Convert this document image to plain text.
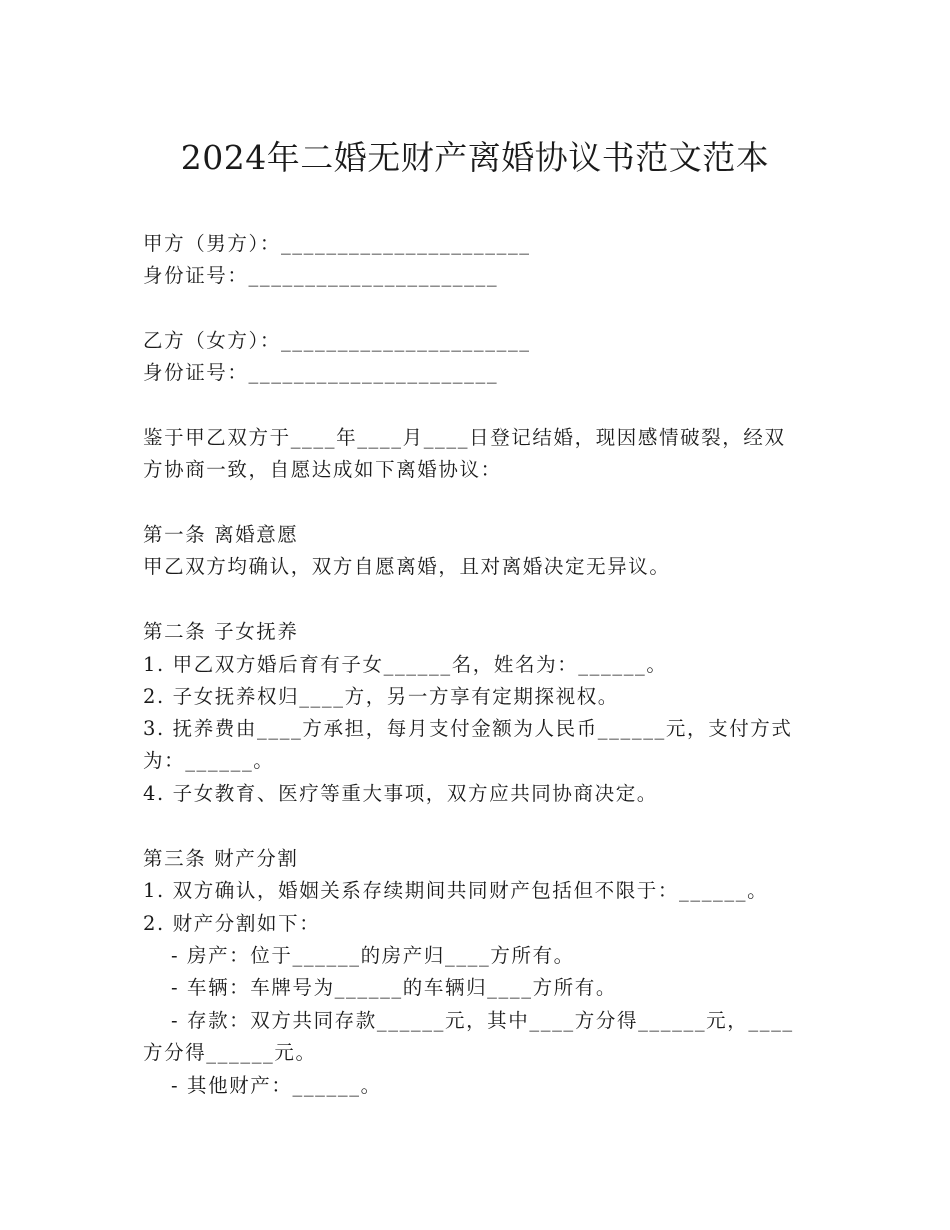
2024年二婚无财产离婚协议书范文范本
甲方（男方）：______________________
身份证号：______________________
乙方（女方）：______________________
身份证号：______________________
鉴于甲乙双方于____年____月____日登记结婚，现因感情破裂，经双
方协商一致，自愿达成如下离婚协议：
第一条 离婚意愿
甲乙双方均确认，双方自愿离婚，且对离婚决定无异议。
第二条 子女抚养
1. 甲乙双方婚后育有子女______名，姓名为：______。
2. 子女抚养权归____方，另一方享有定期探视权。
3. 抚养费由____方承担，每月支付金额为人民币______元，支付方式
为：______。
4. 子女教育、医疗等重大事项，双方应共同协商决定。
第三条 财产分割
1. 双方确认，婚姻关系存续期间共同财产包括但不限于：______。
2. 财产分割如下：
- 房产：位于______的房产归____方所有。
- 车辆：车牌号为______的车辆归____方所有。
- 存款：双方共同存款______元，其中____方分得______元，____
方分得______元。
- 其他财产：______。
